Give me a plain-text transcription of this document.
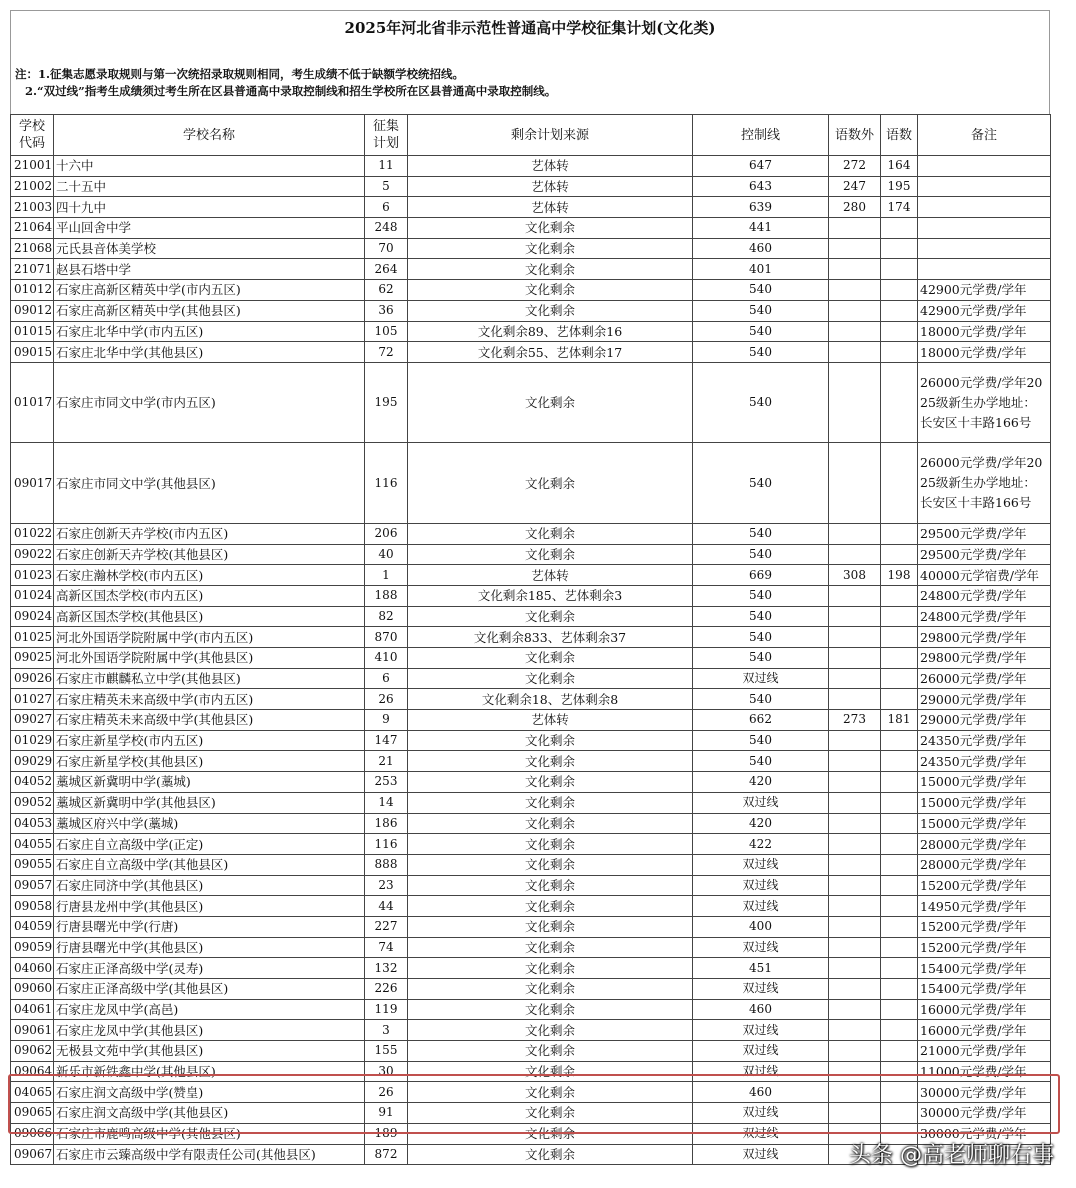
2025年河北省非示范性普通高中学校征集计划(文化类)
注：1.征集志愿录取规则与第一次统招录取规则相同，考生成绩不低于缺额学校统招线。
2.“双过线”指考生成绩须过考生所在区县普通高中录取控制线和招生学校所在区县普通高中录取控制线。
学校
代码	学校名称	征集
计划	剩余计划来源	控制线	语数外	语数	备注
21001	十六中	11	艺体转	647	272	164	
21002	二十五中	5	艺体转	643	247	195	
21003	四十九中	6	艺体转	639	280	174	
21064	平山回舍中学	248	文化剩余	441			
21068	元氏县音体美学校	70	文化剩余	460			
21071	赵县石塔中学	264	文化剩余	401			
01012	石家庄高新区精英中学(市内五区)	62	文化剩余	540			42900元学费/学年
09012	石家庄高新区精英中学(其他县区)	36	文化剩余	540			42900元学费/学年
01015	石家庄北华中学(市内五区)	105	文化剩余89、艺体剩余16	540			18000元学费/学年
09015	石家庄北华中学(其他县区)	72	文化剩余55、艺体剩余17	540			18000元学费/学年
01017	石家庄市同文中学(市内五区)	195	文化剩余	540			26000元学费/学年2025级新生办学地址：长安区十丰路166号
09017	石家庄市同文中学(其他县区)	116	文化剩余	540			26000元学费/学年2025级新生办学地址：长安区十丰路166号
01022	石家庄创新天卉学校(市内五区)	206	文化剩余	540			29500元学费/学年
09022	石家庄创新天卉学校(其他县区)	40	文化剩余	540			29500元学费/学年
01023	石家庄瀚林学校(市内五区)	1	艺体转	669	308	198	40000元学宿费/学年
01024	高新区国杰学校(市内五区)	188	文化剩余185、艺体剩余3	540			24800元学费/学年
09024	高新区国杰学校(其他县区)	82	文化剩余	540			24800元学费/学年
01025	河北外国语学院附属中学(市内五区)	870	文化剩余833、艺体剩余37	540			29800元学费/学年
09025	河北外国语学院附属中学(其他县区)	410	文化剩余	540			29800元学费/学年
09026	石家庄市麒麟私立中学(其他县区)	6	文化剩余	双过线			26000元学费/学年
01027	石家庄精英未来高级中学(市内五区)	26	文化剩余18、艺体剩余8	540			29000元学费/学年
09027	石家庄精英未来高级中学(其他县区)	9	艺体转	662	273	181	29000元学费/学年
01029	石家庄新星学校(市内五区)	147	文化剩余	540			24350元学费/学年
09029	石家庄新星学校(其他县区)	21	文化剩余	540			24350元学费/学年
04052	藁城区新冀明中学(藁城)	253	文化剩余	420			15000元学费/学年
09052	藁城区新冀明中学(其他县区)	14	文化剩余	双过线			15000元学费/学年
04053	藁城区府兴中学(藁城)	186	文化剩余	420			15000元学费/学年
04055	石家庄自立高级中学(正定)	116	文化剩余	422			28000元学费/学年
09055	石家庄自立高级中学(其他县区)	888	文化剩余	双过线			28000元学费/学年
09057	石家庄同济中学(其他县区)	23	文化剩余	双过线			15200元学费/学年
09058	行唐县龙州中学(其他县区)	44	文化剩余	双过线			14950元学费/学年
04059	行唐县曙光中学(行唐)	227	文化剩余	400			15200元学费/学年
09059	行唐县曙光中学(其他县区)	74	文化剩余	双过线			15200元学费/学年
04060	石家庄正泽高级中学(灵寿)	132	文化剩余	451			15400元学费/学年
09060	石家庄正泽高级中学(其他县区)	226	文化剩余	双过线			15400元学费/学年
04061	石家庄龙凤中学(高邑)	119	文化剩余	460			16000元学费/学年
09061	石家庄龙凤中学(其他县区)	3	文化剩余	双过线			16000元学费/学年
09062	无极县文苑中学(其他县区)	155	文化剩余	双过线			21000元学费/学年
09064	新乐市新铁鑫中学(其他县区)	30	文化剩余	双过线			11000元学费/学年
04065	石家庄润文高级中学(赞皇)	26	文化剩余	460			30000元学费/学年
09065	石家庄润文高级中学(其他县区)	91	文化剩余	双过线			30000元学费/学年
09066	石家庄市鹿鸣高级中学(其他县区)	189	文化剩余	双过线			30000元学费/学年
09067	石家庄市云臻高级中学有限责任公司(其他县区)	872	文化剩余	双过线				头条 @高老师聊右事
